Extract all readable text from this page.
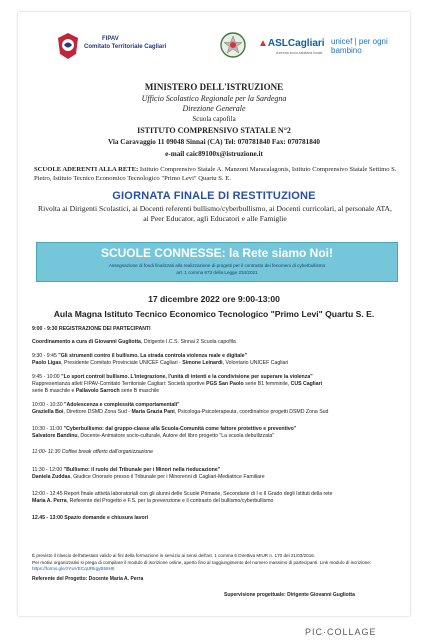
FIPAV
Comitato Territoriale Cagliari	▲ASLCagliari
Azienda socio-sanitaria locale
unicef | per ogni bambino
MINISTERO DELL'ISTRUZIONE
Ufficio Scolastico Regionale per la Sardegna
Direzione Generale
Scuola capofila
ISTITUTO COMPRENSIVO STATALE N°2
Via Caravaggio 11 09048 Sinnai (CA) Tel: 070781840 Fax: 070781840
e-mail caic89100x@istruzione.it
SCUOLE ADERENTI ALLA RETE: Istituto Comprensivo Statale A. Manzoni Maracalagonis, Istituto Comprensivo Statale Settimo S. Pietro, Istituto Tecnico Economico Tecnologico "Primo Levi" Quartu S. E.
GIORNATA FINALE DI RESTITUZIONE
Rivolta ai Dirigenti Scolastici, ai Docenti referenti bullismo/cyberbullismo, ai Docenti curricolari, al personale ATA, ai Peer Educator, agli Educatori e alle Famiglie
SCUOLE CONNESSE: la Rete siamo Noi!
Assegnazione di fondi finalizzati alla realizzazione di progetti per il contrasto dei fenomeni di cyberbullismo
art. 1 comma 673 della Legge 234/2021
17 dicembre 2022 ore 9:00-13:00
Aula Magna Istituto Tecnico Economico Tecnologico "Primo Levi" Quartu S. E.
9:00 - 9:30 REGISTRAZIONE DEI PARTECIPANTI
Coordinamento a cura di Giovanni Gugliotta, Dirigente I.C.S. Sinnai 2 Scuola capofila
9:30 - 9:45 "Gli strumenti contro il bullismo. La strada controla violenza reale e digitale"
Paolo Ligas, Presidente Comitato Provinciale UNICEF Cagliari - Simone Leinardi, Volontario UNICEF Cagliari
9:45 - 10:00 "Lo sport controil bullismo. L'integrazione, l'unità di intenti e la condivisione per superare la violenza"
Rappresentanza atleti FIPAV-Comitato Territoriale Cagliari: Società sportive PGS San Paolo serie B1 femminile, CUS Cagliari
serie B maschile e Pallavolo Sarroch serie B maschile
10:00 - 10:30 "Adolescenza e complessità comportamentali"
Graziella Boi, Direttore DSMD Zona Sud - Maria Grazia Pani, Psicologa-Psicoterapeuta, coordinatrice progetti DSMD Zona Sud
10:30 - 11:00 "Cyberbullismo: dal gruppo-classe alla Scuola-Comunità come fattore protettivo e preventivo"
Salvatore Bandinu, Docente-Animatore socio-culturale, Autore del libro progetto "La scuola debullizzata"
11:00- 11:30 Coffee break offerto dall'organizzazione
11:30 - 12:00 "Bullismo: il ruolo del Tribunale per i Minori nella rieducazione"
Daniela Zuddas, Giudice Onorario presso il Tribunale per i Minorenni di Cagliari-Mediatrice Familiare
12:00 - 12:45 Report finale attività laboratoriali con gli alunni delle Scuole Primarie, Secondarie di I e II Grado degli Istituti della rete
Maria A. Perra, Referente del Progetto e F.S. per la prevenzione e il contrasto del bullismo/cyberbullismo
12.45 - 13:00 Spazio domande e chiusura lavori
È previsto il rilascio dell'attestato valido ai fini della formazione in servizio ai sensi dell'art. 1 comma 6 Direttiva MIUR n. 170 del 21/03/2016.
Per motivi organizzativi si prega di compilare il modulo di iscrizione online, aperto fino al raggiungimento del numero massimo di partecipanti. Link modulo di iscrizione: https://forms.gle/zYwVECqURkgyB58H6
Referente del Progetto: Docente Maria A. Perra
Supervisione progettuale: Dirigente Giovanni Gugliotta
PIC·COLLAGE
